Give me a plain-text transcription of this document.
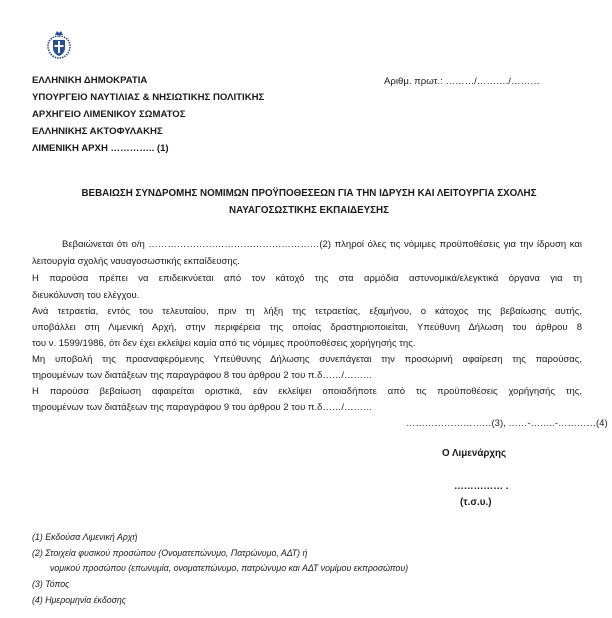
ΕΛΛΗΝΙΚΗ ΔΗΜΟΚΡΑΤΙΑ
ΥΠΟΥΡΓΕΙΟ ΝΑΥΤΙΛΙΑΣ & ΝΗΣΙΩΤΙΚΗΣ ΠΟΛΙΤΙΚΗΣ
ΑΡΧΗΓΕΙΟ ΛΙΜΕΝΙΚΟΥ ΣΩΜΑΤΟΣ
ΕΛΛΗΝΙΚΗΣ ΑΚΤΟΦΥΛΑΚΗΣ
ΛΙΜΕΝΙΚΗ ΑΡΧΗ ………….. (1)
Αριθμ. πρωτ.: ………/………./………
ΒΕΒΑΙΩΣΗ ΣΥΝΔΡΟΜΗΣ ΝΟΜΙΜΩΝ ΠΡΟΫΠΟΘΕΣΕΩΝ ΓΙΑ ΤΗΝ ΙΔΡΥΣΗ ΚΑΙ ΛΕΙΤΟΥΡΓΙΑ ΣΧΟΛΗΣ
ΝΑΥΑΓΟΣΩΣΤΙΚΗΣ ΕΚΠΑΙΔΕΥΣΗΣ
Βεβαιώνεται ότι ο/η ………………………………………………(2) πληροί όλες τις νόμιμες προϋποθέσεις για την ίδρυση και
λειτουργία σχολής ναυαγοσωστικής εκπαίδευσης.
Η παρούσα πρέπει να επιδεικνύεται από τον κάτοχό της στα αρμόδια αστυνομικά/ελεγκτικά όργανα για τη
διευκόλυνση του ελέγχου.
Ανά τετραετία, εντός του τελευταίου, πριν τη λήξη της τετραετίας, εξαμήνου, ο κάτοχος της βεβαίωσης αυτής,
υποβάλλει στη Λιμενική Αρχή, στην περιφέρεια της οποίας δραστηριοποιείται, Υπεύθυνη Δήλωση του άρθρου 8
του ν. 1599/1986, ότι δεν έχει εκλείψει καμία από τις νόμιμες προϋποθέσεις χορήγησής της.
Μη υποβολή της προαναφερόμενης Υπεύθυνης Δήλωσης συνεπάγεται την προσωρινή αφαίρεση της παρούσας,
τηρουμένων των διατάξεων της παραγράφου 8 του άρθρου 2 του π.δ……/………
Η παρούσα βεβαίωση αφαιρείται οριστικά, εάν εκλείψει οποιαδήποτε από τις προϋποθέσεις χορήγησής της,
τηρουμένων των διατάξεων της παραγράφου 9 του άρθρου 2 του π.δ……/………
………………………(3), ……-……..-…………(4)
Ο Λιμενάρχης
…………… .
(τ.σ.υ.)
(1) Εκδούσα Λιμενική Αρχή
(2) Στοιχεία φυσικού προσώπου (Ονοματεπώνυμο, Πατρώνυμο, ΑΔΤ) ή
νομικού προσώπου (επωνυμία, ονοματεπώνυμο, πατρώνυμο και ΑΔΤ νομίμου εκπροσώπου)
(3) Τόπος
(4) Ημερομηνία έκδοσης
